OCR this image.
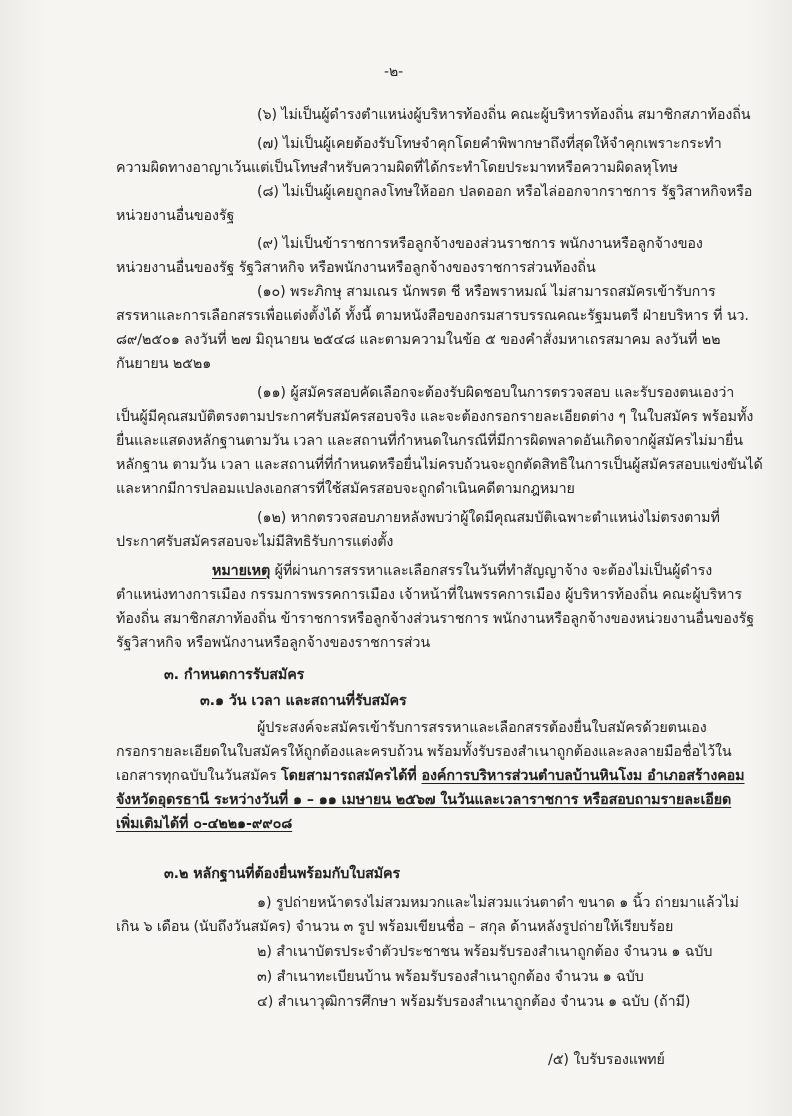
-๒-
(๖) ไม่เป็นผู้ดำรงตำแหน่งผู้บริหารท้องถิ่น คณะผู้บริหารท้องถิ่น สมาชิกสภาท้องถิ่น
(๗) ไม่เป็นผู้เคยต้องรับโทษจำคุกโดยคำพิพากษาถึงที่สุดให้จำคุกเพราะกระทำ
ความผิดทางอาญาเว้นแต่เป็นโทษสำหรับความผิดที่ได้กระทำโดยประมาทหรือความผิดลหุโทษ
(๘) ไม่เป็นผู้เคยถูกลงโทษให้ออก ปลดออก หรือไล่ออกจากราชการ รัฐวิสาหกิจหรือ
หน่วยงานอื่นของรัฐ
(๙) ไม่เป็นข้าราชการหรือลูกจ้างของส่วนราชการ พนักงานหรือลูกจ้างของ
หน่วยงานอื่นของรัฐ รัฐวิสาหกิจ หรือพนักงานหรือลูกจ้างของราชการส่วนท้องถิ่น
(๑๐) พระภิกษุ สามเณร นักพรต ชี หรือพราหมณ์ ไม่สามารถสมัครเข้ารับการ
สรรหาและการเลือกสรรเพื่อแต่งตั้งได้ ทั้งนี้ ตามหนังสือของกรมสารบรรณคณะรัฐมนตรี ฝ่ายบริหาร ที่ นว.
๘๙/๒๕๐๑ ลงวันที่ ๒๗ มิถุนายน ๒๕๔๘ และตามความในข้อ ๕ ของคำสั่งมหาเถรสมาคม ลงวันที่ ๒๒
กันยายน ๒๕๒๑
(๑๑) ผู้สมัครสอบคัดเลือกจะต้องรับผิดชอบในการตรวจสอบ และรับรองตนเองว่า
เป็นผู้มีคุณสมบัติตรงตามประกาศรับสมัครสอบจริง และจะต้องกรอกรายละเอียดต่าง ๆ ในใบสมัคร พร้อมทั้ง
ยื่นและแสดงหลักฐานตามวัน เวลา และสถานที่กำหนดในกรณีที่มีการผิดพลาดอันเกิดจากผู้สมัครไม่มายื่น
หลักฐาน ตามวัน เวลา และสถานที่ที่กำหนดหรือยื่นไม่ครบถ้วนจะถูกตัดสิทธิในการเป็นผู้สมัครสอบแข่งขันได้
และหากมีการปลอมแปลงเอกสารที่ใช้สมัครสอบจะถูกดำเนินคดีตามกฎหมาย
(๑๒) หากตรวจสอบภายหลังพบว่าผู้ใดมีคุณสมบัติเฉพาะตำแหน่งไม่ตรงตามที่
ประกาศรับสมัครสอบจะไม่มีสิทธิรับการแต่งตั้ง
หมายเหตุ ผู้ที่ผ่านการสรรหาและเลือกสรรในวันที่ทำสัญญาจ้าง จะต้องไม่เป็นผู้ดำรง
ตำแหน่งทางการเมือง กรรมการพรรคการเมือง เจ้าหน้าที่ในพรรคการเมือง ผู้บริหารท้องถิ่น คณะผู้บริหาร
ท้องถิ่น สมาชิกสภาท้องถิ่น ข้าราชการหรือลูกจ้างส่วนราชการ พนักงานหรือลูกจ้างของหน่วยงานอื่นของรัฐ
รัฐวิสาหกิจ หรือพนักงานหรือลูกจ้างของราชการส่วน
๓. กำหนดการรับสมัคร
๓.๑ วัน เวลา และสถานที่รับสมัคร
ผู้ประสงค์จะสมัครเข้ารับการสรรหาและเลือกสรรต้องยื่นใบสมัครด้วยตนเอง
กรอกรายละเอียดในใบสมัครให้ถูกต้องและครบถ้วน พร้อมทั้งรับรองสำเนาถูกต้องและลงลายมือชื่อไว้ใน
เอกสารทุกฉบับในวันสมัคร โดยสามารถสมัครได้ที่ องค์การบริหารส่วนตำบลบ้านหินโงม อำเภอสร้างคอม
จังหวัดอุดรธานี ระหว่างวันที่ ๑ – ๑๑ เมษายน ๒๕๖๗ ในวันและเวลาราชการ หรือสอบถามรายละเอียด
เพิ่มเติมได้ที่ ๐-๔๒๒๑-๙๙๐๘
๓.๒ หลักฐานที่ต้องยื่นพร้อมกับใบสมัคร
๑) รูปถ่ายหน้าตรงไม่สวมหมวกและไม่สวมแว่นตาดำ ขนาด ๑ นิ้ว ถ่ายมาแล้วไม่
เกิน ๖ เดือน (นับถึงวันสมัคร) จำนวน ๓ รูป พร้อมเขียนชื่อ – สกุล ด้านหลังรูปถ่ายให้เรียบร้อย
๒) สำเนาบัตรประจำตัวประชาชน พร้อมรับรองสำเนาถูกต้อง จำนวน ๑ ฉบับ
๓) สำเนาทะเบียนบ้าน พร้อมรับรองสำเนาถูกต้อง จำนวน ๑ ฉบับ
๔) สำเนาวุฒิการศึกษา พร้อมรับรองสำเนาถูกต้อง จำนวน ๑ ฉบับ (ถ้ามี)
/๕) ใบรับรองแพทย์
